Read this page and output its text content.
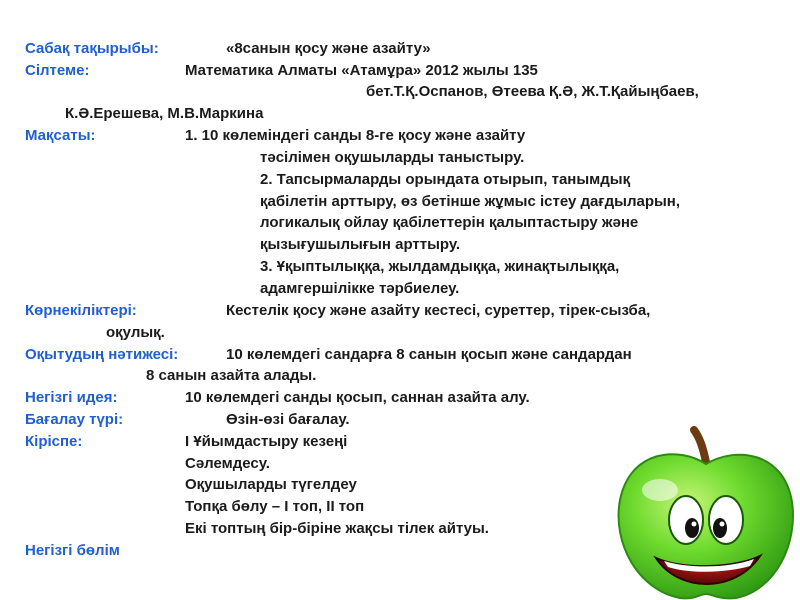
Сабақ тақырыбы:	«8санын қосу және азайту»
Сілтеме:	Математика Алматы «Атамұра» 2012 жылы 135
бет.Т.Қ.Оспанов, Өтеева Қ.Ә, Ж.Т.Қайыңбаев,
К.Ә.Ерешева, М.В.Маркина
Мақсаты:	1. 10 көлеміндегі санды 8-ге қосу және азайту
тәсілімен оқушыларды таныстыру.
2. Тапсырмаларды орындата отырып, танымдық
қабілетін арттыру, өз бетінше жұмыс істеу дағдыларын,
логикалық ойлау қабілеттерін қалыптастыру және
қызығушылығын арттыру.
3. Ұқыптылыққа, жылдамдыққа, жинақтылыққа,
адамгершілікке тәрбиелеу.
Көрнекіліктері:	Кестелік қосу және азайту кестесі, суреттер, тірек-сызба,
оқулық.
Оқытудың нәтижесі:	10 көлемдегі сандарға 8 санын қосып және сандардан
8 санын азайта алады.
Негізгі идея:	10 көлемдегі санды қосып, саннан азайта алу.
Бағалау түрі:	Өзін-өзі бағалау.
Кіріспе:	І Ұйымдастыру кезеңі
Сәлемдесу.
Оқушыларды түгелдеу
Топқа бөлу – І топ, ІІ топ
Екі топтың бір-біріне жақсы тілек айтуы.
Негізгі бөлім
